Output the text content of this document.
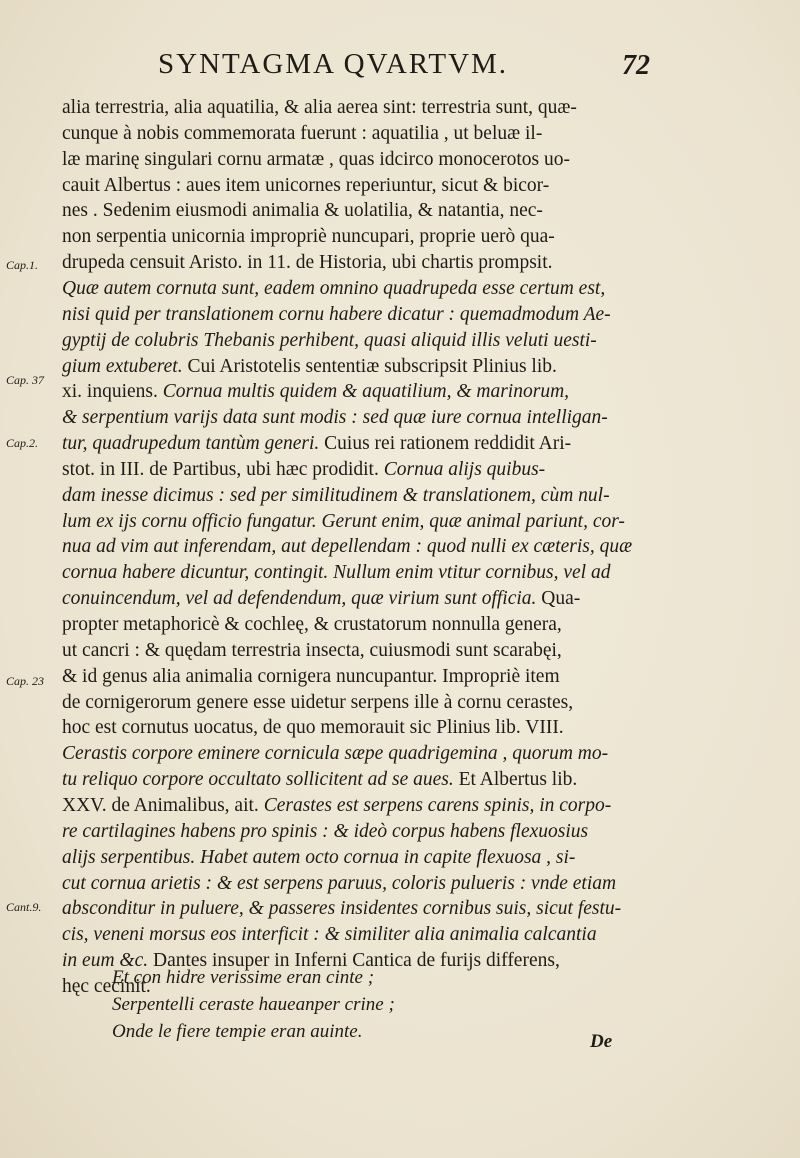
SYNTAGMA QVARTVM.	72
Cap.1.
Cap. 37
Cap.2.
Cap. 23
Cant.9.
alia terrestria, alia aquatilia, & alia aerea sint: terrestria sunt, quæ-
cunque à nobis commemorata fuerunt : aquatilia , ut beluæ il-
læ marinę singulari cornu armatæ , quas idcirco monocerotos uo-
cauit Albertus : aues item unicornes reperiuntur, sicut & bicor-
nes . Sedenim eiusmodi animalia & uolatilia, & natantia, nec-
non serpentia unicornia impropriè nuncupari, proprie uerò qua-
drupeda censuit Aristo. in 11. de Historia, ubi chartis prompsit.
Quæ autem cornuta sunt, eadem omnino quadrupeda esse certum est,
nisi quid per translationem cornu habere dicatur : quemadmodum Ae-
gyptij de colubris Thebanis perhibent, quasi aliquid illis veluti uesti-
gium extuberet. Cui Aristotelis sententiæ subscripsit Plinius lib.
xi. inquiens. Cornua multis quidem & aquatilium, & marinorum,
& serpentium varijs data sunt modis : sed quæ iure cornua intelligan-
tur, quadrupedum tantùm generi. Cuius rei rationem reddidit Ari-
stot. in III. de Partibus, ubi hæc prodidit. Cornua alijs quibus-
dam inesse dicimus : sed per similitudinem & translationem, cùm nul-
lum ex ijs cornu officio fungatur. Gerunt enim, quæ animal pariunt, cor-
nua ad vim aut inferendam, aut depellendam : quod nulli ex cæteris, quæ
cornua habere dicuntur, contingit. Nullum enim vtitur cornibus, vel ad
conuincendum, vel ad defendendum, quæ virium sunt officia. Qua-
propter metaphoricè & cochleę, & crustatorum nonnulla genera,
ut cancri : & quędam terrestria insecta, cuiusmodi sunt scarabęi,
& id genus alia animalia cornigera nuncupantur. Impropriè item
de cornigerorum genere esse uidetur serpens ille à cornu cerastes,
hoc est cornutus uocatus, de quo memorauit sic Plinius lib. VIII.
Cerastis corpore eminere cornicula sæpe quadrigemina , quorum mo-
tu reliquo corpore occultato sollicitent ad se aues. Et Albertus lib.
XXV. de Animalibus, ait. Cerastes est serpens carens spinis, in corpo-
re cartilagines habens pro spinis : & ideò corpus habens flexuosius
alijs serpentibus. Habet autem octo cornua in capite flexuosa , si-
cut cornua arietis : & est serpens paruus, coloris pulueris : vnde etiam
absconditur in puluere, & passeres insidentes cornibus suis, sicut festu-
cis, veneni morsus eos interficit : & similiter alia animalia calcantia
in eum &c. Dantes insuper in Inferni Cantica de furijs differens,
hęc cecinit.
Et con hidre verissime eran cinte ;
Serpentelli ceraste haueanper crine ;
Onde le fiere tempie eran auinte.	De
